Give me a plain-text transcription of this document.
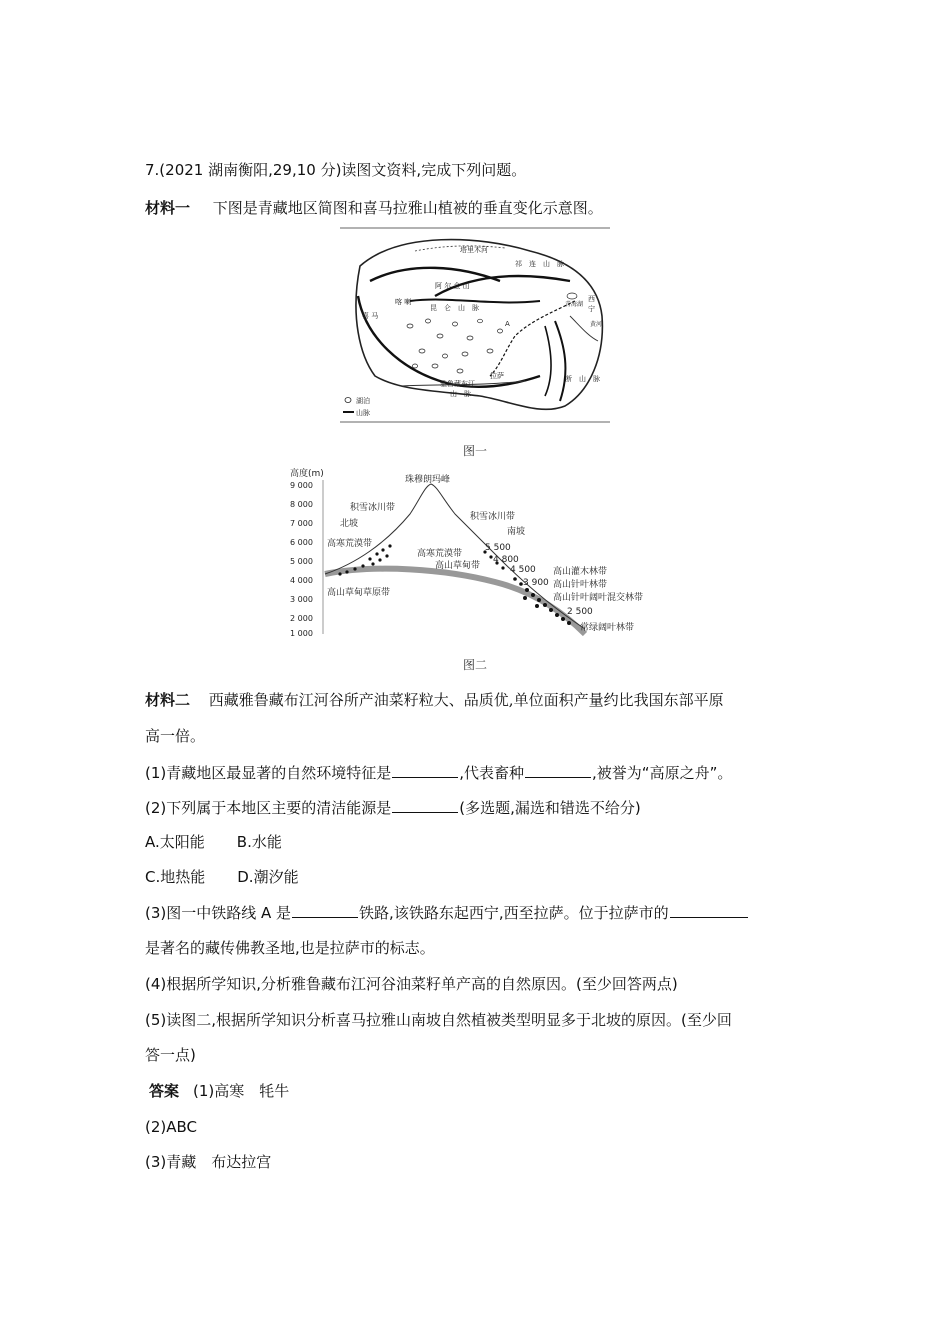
7.(2021 湖南衡阳,29,10 分)读图文资料,完成下列问题。
材料一 下图是青藏地区简图和喜马拉雅山植被的垂直变化示意图。
塔里木河
祁　连　山　脉
阿 尔 金 山
昆　仑　山　脉
喀 喇
喜 马
西
宁
青海湖
黄河
A
拉萨
雅鲁藏布江
山　脉
断　山　脉
湖泊
山脉
图一
高度(m)
9 000
8 000
7 000
6 000
5 000
4 000
3 000
2 000
1 000
珠穆朗玛峰
积雪冰川带
北坡
高寒荒漠带
高山草甸草原带
积雪冰川带
南坡
高寒荒漠带
高山草甸带
5 500
4 800
4 500
3 900
2 500
高山灌木林带
高山针叶林带
高山针叶阔叶混交林带
常绿阔叶林带
图二
材料二 西藏雅鲁藏布江河谷所产油菜籽粒大、品质优,单位面积产量约比我国东部平原
高一倍。
(1)青藏地区最显著的自然环境特征是	,代表畜种	,被誉为“高原之舟”。
(2)下列属于本地区主要的清洁能源是	(多选题,漏选和错选不给分)
A.太阳能 B.水能
C.地热能 D.潮汐能
(3)图一中铁路线 A 是	铁路,该铁路东起西宁,西至拉萨。位于拉萨市的
是著名的藏传佛教圣地,也是拉萨市的标志。
(4)根据所学知识,分析雅鲁藏布江河谷油菜籽单产高的自然原因。(至少回答两点)
(5)读图二,根据所学知识分析喜马拉雅山南坡自然植被类型明显多于北坡的原因。(至少回
答一点)
答案 (1)高寒　牦牛
(2)ABC
(3)青藏　布达拉宫
